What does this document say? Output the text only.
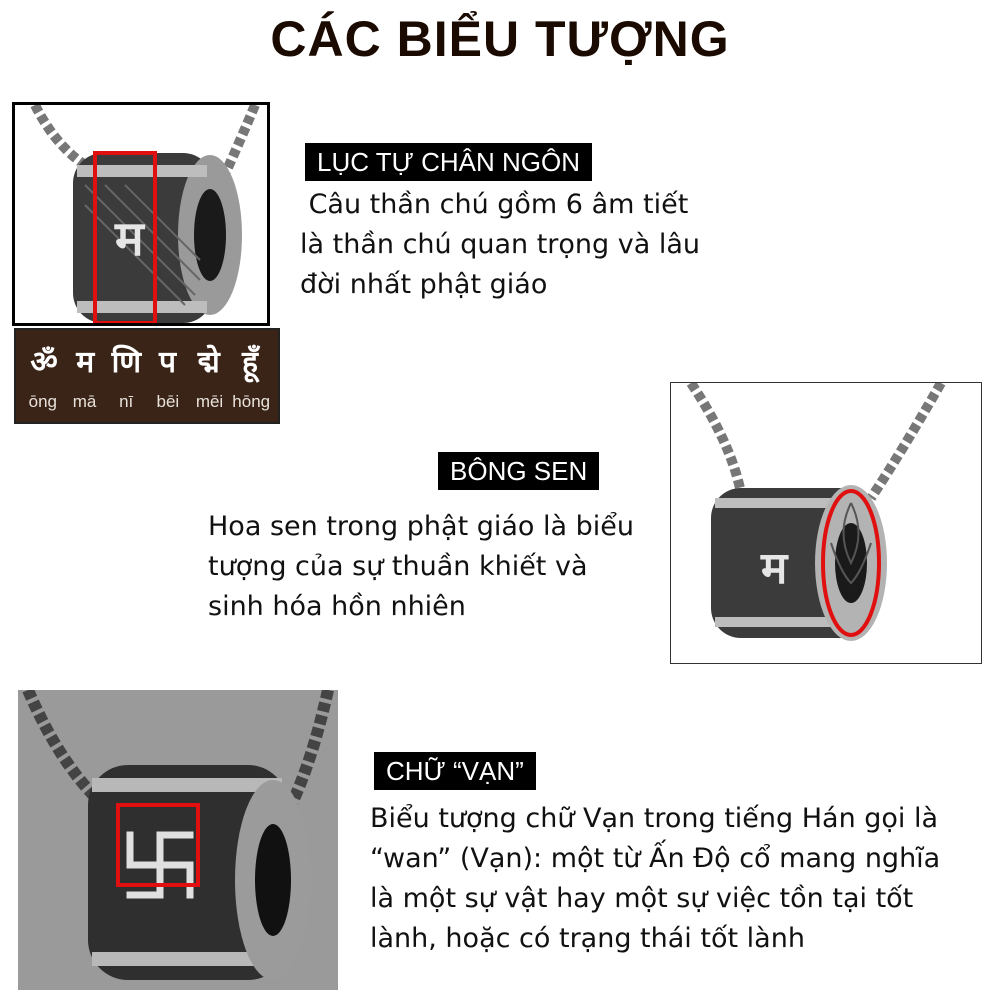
CÁC BIỂU TƯỢNG
म
ॐ म णि प द्मे हूँ
ōng mā	nī	bēi mēi hōng
LỤC TỰ CHÂN NGÔN
Câu thần chú gồm 6 âm tiết
là thần chú quan trọng và lâu
đời nhất phật giáo
BÔNG SEN
Hoa sen trong phật giáo là biểu
tượng của sự thuần khiết và
sinh hóa hồn nhiên
म
CHỮ “VẠN”
Biểu tượng chữ Vạn trong tiếng Hán gọi là
“wan” (Vạn): một từ Ấn Độ cổ mang nghĩa
là một sự vật hay một sự việc tồn tại tốt
lành, hoặc có trạng thái tốt lành
